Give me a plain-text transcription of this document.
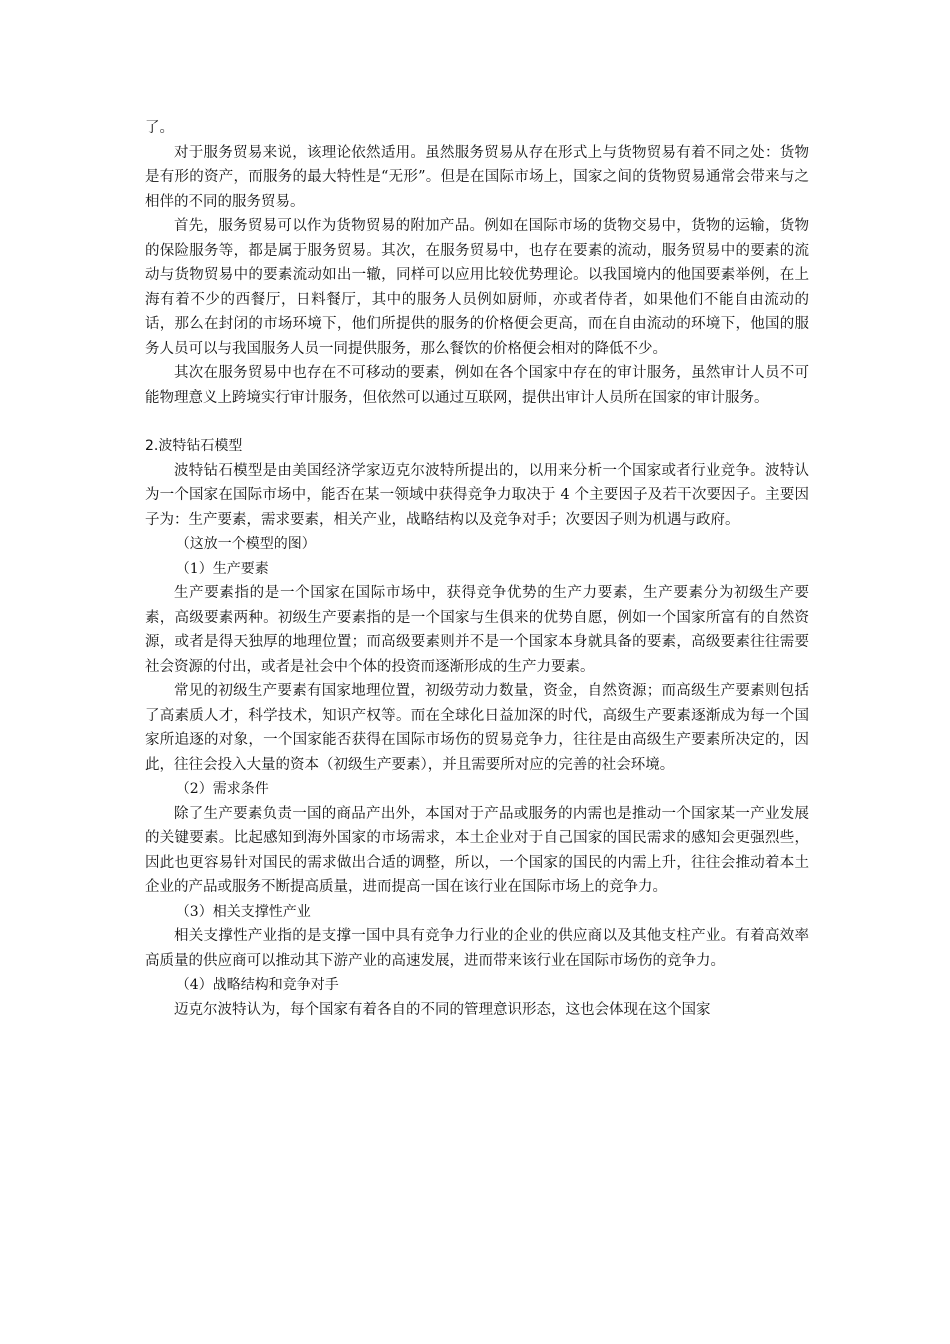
了。

对于服务贸易来说，该理论依然适用。虽然服务贸易从存在形式上与货物贸易有着不同之处：货物是有形的资产，而服务的最大特性是“无形”。但是在国际市场上，国家之间的货物贸易通常会带来与之相伴的不同的服务贸易。

首先，服务贸易可以作为货物贸易的附加产品。例如在国际市场的货物交易中，货物的运输，货物的保险服务等，都是属于服务贸易。其次，在服务贸易中，也存在要素的流动，服务贸易中的要素的流动与货物贸易中的要素流动如出一辙，同样可以应用比较优势理论。以我国境内的他国要素举例，在上海有着不少的西餐厅，日料餐厅，其中的服务人员例如厨师，亦或者侍者，如果他们不能自由流动的话，那么在封闭的市场环境下，他们所提供的服务的价格便会更高，而在自由流动的环境下，他国的服务人员可以与我国服务人员一同提供服务，那么餐饮的价格便会相对的降低不少。

其次在服务贸易中也存在不可移动的要素，例如在各个国家中存在的审计服务，虽然审计人员不可能物理意义上跨境实行审计服务，但依然可以通过互联网，提供出审计人员所在国家的审计服务。

2.波特钻石模型

波特钻石模型是由美国经济学家迈克尔波特所提出的，以用来分析一个国家或者行业竞争。波特认为一个国家在国际市场中，能否在某一领域中获得竞争力取决于 4 个主要因子及若干次要因子。主要因子为：生产要素，需求要素，相关产业，战略结构以及竞争对手；次要因子则为机遇与政府。

（这放一个模型的图）

（1）生产要素

生产要素指的是一个国家在国际市场中，获得竞争优势的生产力要素，生产要素分为初级生产要素，高级要素两种。初级生产要素指的是一个国家与生俱来的优势自愿，例如一个国家所富有的自然资源，或者是得天独厚的地理位置；而高级要素则并不是一个国家本身就具备的要素，高级要素往往需要社会资源的付出，或者是社会中个体的投资而逐渐形成的生产力要素。

常见的初级生产要素有国家地理位置，初级劳动力数量，资金，自然资源；而高级生产要素则包括了高素质人才，科学技术，知识产权等。而在全球化日益加深的时代，高级生产要素逐渐成为每一个国家所追逐的对象，一个国家能否获得在国际市场伤的贸易竞争力，往往是由高级生产要素所决定的，因此，往往会投入大量的资本（初级生产要素），并且需要所对应的完善的社会环境。

（2）需求条件

除了生产要素负责一国的商品产出外，本国对于产品或服务的内需也是推动一个国家某一产业发展的关键要素。比起感知到海外国家的市场需求，本土企业对于自己国家的国民需求的感知会更强烈些，因此也更容易针对国民的需求做出合适的调整，所以，一个国家的国民的内需上升，往往会推动着本土企业的产品或服务不断提高质量，进而提高一国在该行业在国际市场上的竞争力。

（3）相关支撑性产业

相关支撑性产业指的是支撑一国中具有竞争力行业的企业的供应商以及其他支柱产业。有着高效率高质量的供应商可以推动其下游产业的高速发展，进而带来该行业在国际市场伤的竞争力。

（4）战略结构和竞争对手

迈克尔波特认为，每个国家有着各自的不同的管理意识形态，这也会体现在这个国家
